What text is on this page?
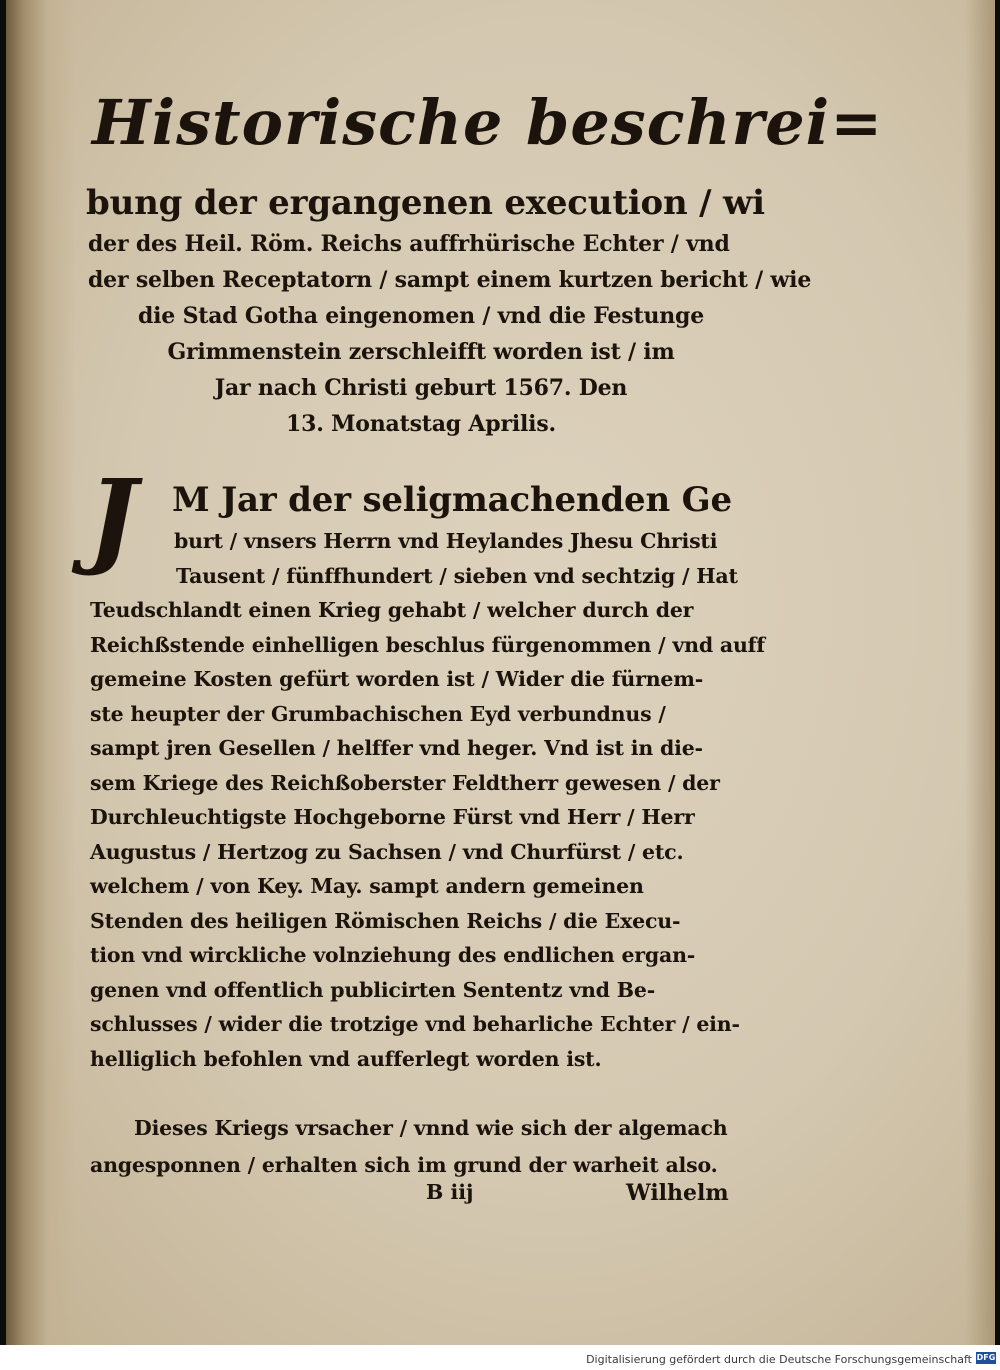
Historische beschrei=
bung der ergangenen execution / wi
der des Heil. Röm. Reichs auffrhürische Echter / vnd
der selben Receptatorn / sampt einem kurtzen bericht / wie
die Stad Gotha eingenomen / vnd die Festunge
Grimmenstein zerschleifft worden ist / im
Jar nach Christi geburt 1567. Den
13. Monatstag Aprilis.
J	M Jar der seligmachenden Ge
burt / vnsers Herrn vnd Heylandes Jhesu Christi
Tausent / fünffhundert / sieben vnd sechtzig / Hat
Teudschlandt einen Krieg gehabt / welcher durch der
Reichßstende einhelligen beschlus fürgenommen / vnd auff
gemeine Kosten gefürt worden ist / Wider die fürnem-
ste heupter der Grumbachischen Eyd verbundnus /
sampt jren Gesellen / helffer vnd heger. Vnd ist in die-
sem Kriege des Reichßoberster Feldtherr gewesen / der
Durchleuchtigste Hochgeborne Fürst vnd Herr / Herr
Augustus / Hertzog zu Sachsen / vnd Churfürst / etc.
welchem / von Key. May. sampt andern gemeinen
Stenden des heiligen Römischen Reichs / die Execu-
tion vnd wirckliche volnziehung des endlichen ergan-
genen vnd offentlich publicirten Sententz vnd Be-
schlusses / wider die trotzige vnd beharliche Echter / ein-
helliglich befohlen vnd aufferlegt worden ist.
Dieses Kriegs vrsacher / vnnd wie sich der algemach
angesponnen / erhalten sich im grund der warheit also.
B iij	Wilhelm
Digitalisierung gefördert durch die Deutsche Forschungsgemeinschaft DFG
